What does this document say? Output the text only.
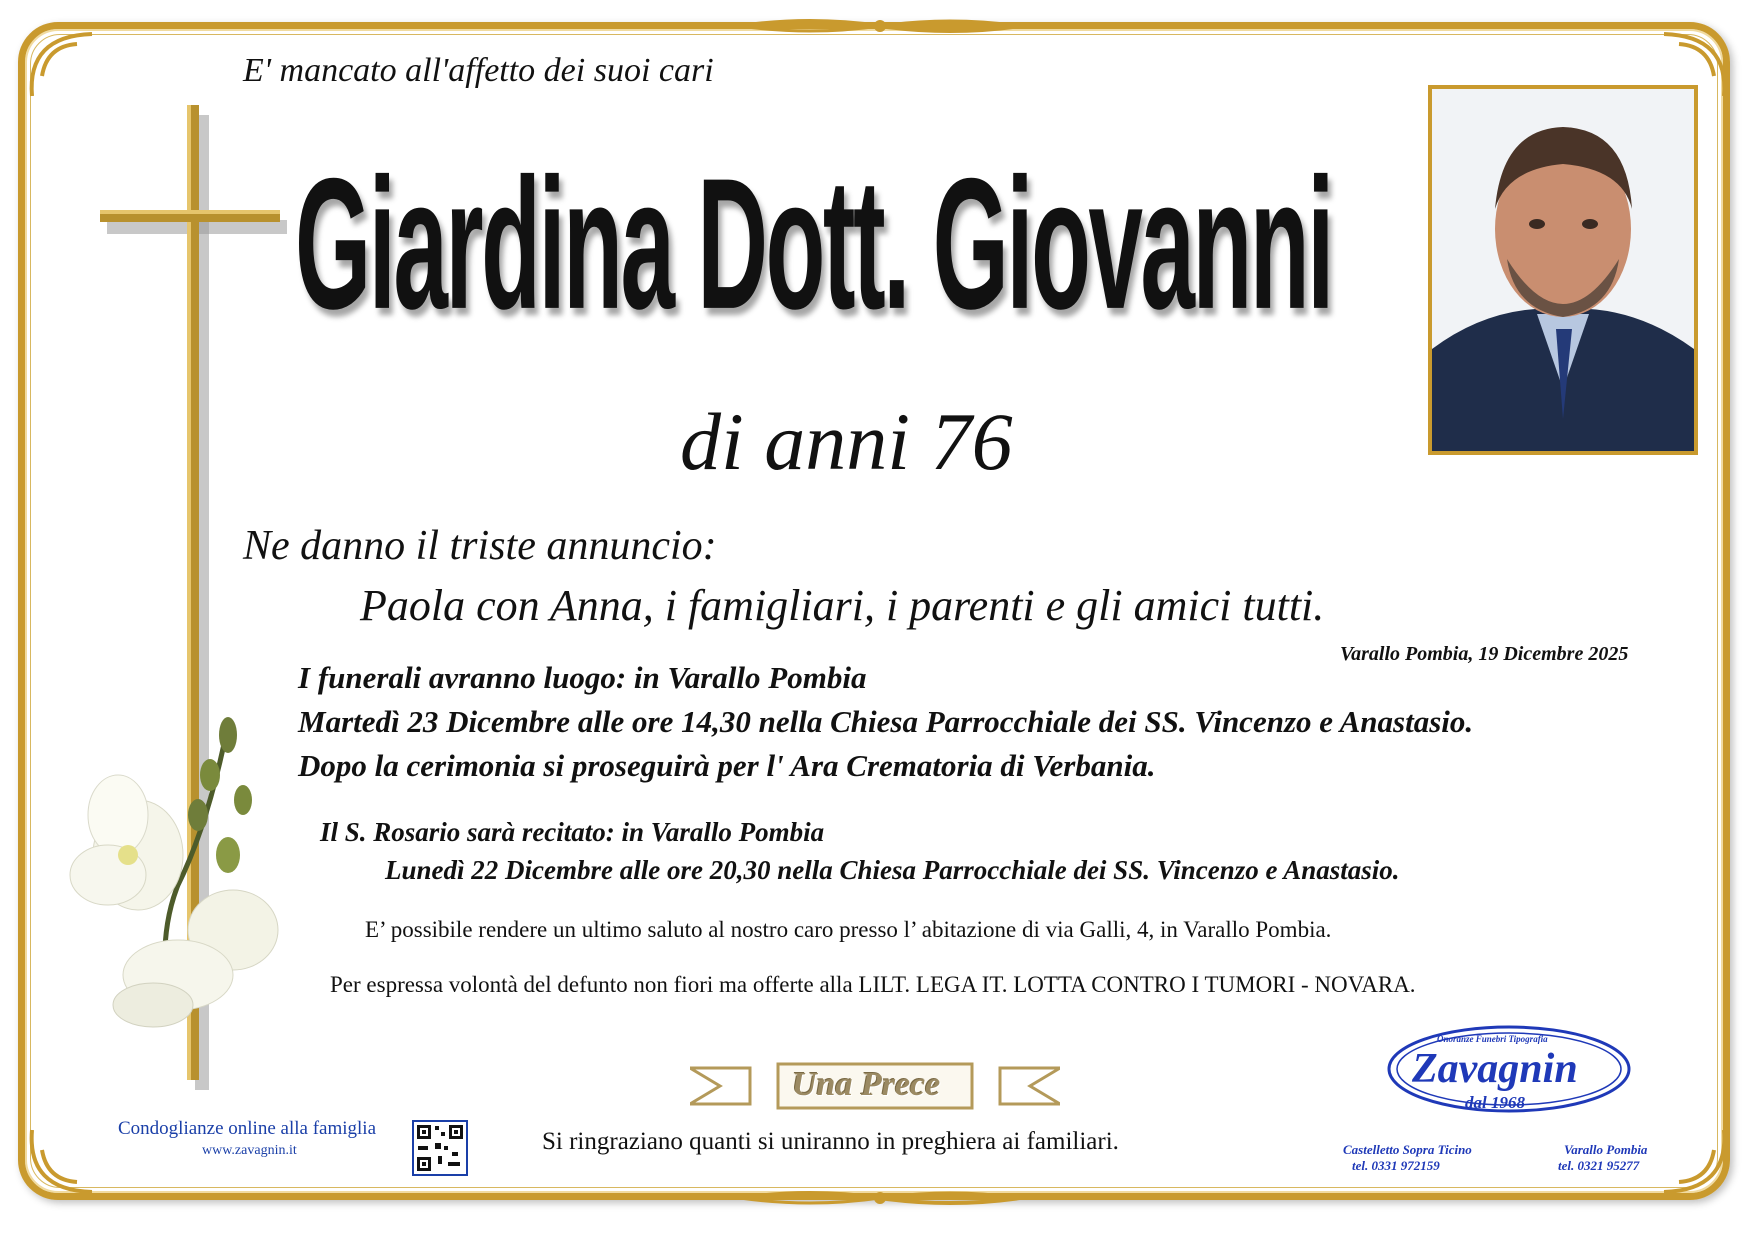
E' mancato all'affetto dei suoi cari
Giardina Dott. Giovanni
di anni 76
Ne danno il triste annuncio:
Paola con Anna, i famigliari, i parenti e gli amici tutti.
Varallo Pombia, 19 Dicembre 2025
I funerali avranno luogo: in Varallo Pombia
Martedì 23 Dicembre alle ore 14,30 nella Chiesa Parrocchiale dei SS. Vincenzo e Anastasio.
Dopo la cerimonia si proseguirà per l' Ara Crematoria di Verbania.
Il S. Rosario sarà recitato: in Varallo Pombia
Lunedì 22 Dicembre alle ore 20,30 nella Chiesa Parrocchiale dei SS. Vincenzo e Anastasio.
E’ possibile rendere un ultimo saluto al nostro caro presso l’ abitazione di via Galli, 4, in Varallo Pombia.
Per espressa volontà del defunto non fiori ma offerte alla LILT. LEGA IT. LOTTA CONTRO I TUMORI - NOVARA.
Una Prece
Si ringraziano quanti si uniranno in preghiera ai familiari.
Condoglianze online alla famiglia
www.zavagnin.it
Onoranze Funebri Tipografia
Zavagnin
dal 1968
Castelletto Sopra Ticino
tel. 0331 972159
Varallo Pombia
tel. 0321 95277
